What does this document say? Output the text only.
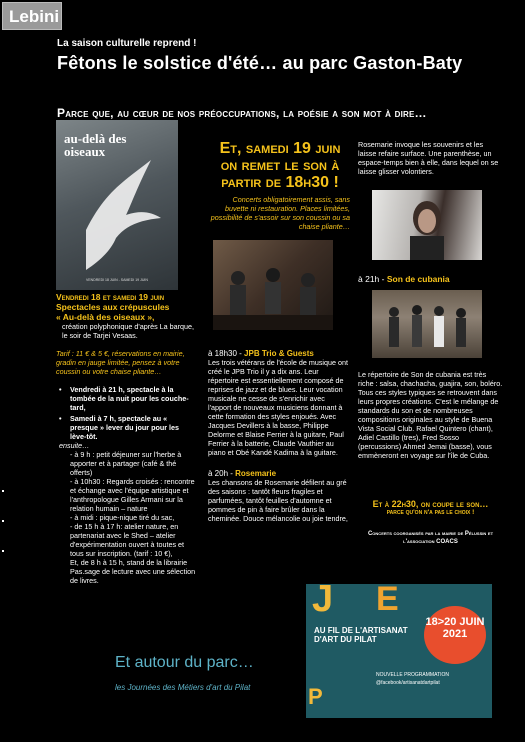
Lebini
La saison culturelle reprend !
Fêtons le solstice d'été… au parc Gaston-Baty
Parce que, au cœur de nos préoccupations, la poésie a son mot à dire…
au-delà des oiseaux
VENDREDI 18 JUIN - SAMEDI 19 JUIN
Vendredi 18 et samedi 19 juin
Spectacles aux crépuscules
« Au-delà des oiseaux »,

création polyphonique d'après La barque, le soir de Tarjei Vesaas.

Tarif : 11 € & 5 €, réservations en mairie, gradin en jauge limitée, pensez à votre coussin ou votre chaise pliante…

• Vendredi à 21 h, spectacle à la tombée de la nuit pour les couche-tard,
• Samedi à 7 h, spectacle au « presque » lever du jour pour les lève-tôt.

ensuite…

- à 9 h : petit déjeuner sur l'herbe à apporter et à partager (café & thé offerts)

- à 10h30 : Regards croisés : rencontre et échange avec l'équipe artistique et l'anthropologue Gilles Armani sur la relation humain – nature

- à midi : pique-nique tiré du sac,

- de 15 h à 17 h: atelier nature, en partenariat avec le Shed – atelier d'expérimentation ouvert à toutes et tous sur inscription. (tarif : 10 €),

Et, de 8 h à 15 h, stand de la librairie Pas.sage de lecture avec une sélection de livres.

Et, samedi 19 juin on remet le son à partir de 18h30 !
Concerts obligatoirement assis, sans buvette ni restauration. Places limitées, possibilité de s'assoir sur son coussin ou sa chaise pliante…
à 18h30 - JPB Trio & Guests

Les trois vétérans de l'école de musique ont créé le JPB Trio il y a dix ans. Leur répertoire est essentiellement composé de reprises de jazz et de blues. Leur vocation musicale ne cesse de s'enrichir avec l'apport de nouveaux musiciens donnant à cette formation des styles enjoués. Avec Jacques Devillers à la basse, Philippe Delorme et Blaise Ferrier à la guitare, Paul Ferrier à la batterie, Claude Vauthier au piano et Obé Kandé Kadima à la guitare.

à 20h - Rosemarie

Les chansons de Rosemarie défilent au gré des saisons : tantôt fleurs fragiles et parfumées, tantôt feuilles d'automne et pommes de pin à faire brûler dans la cheminée. Douce mélancolie ou joie tendre,

Rosemarie invoque les souvenirs et les laisse refaire surface. Une parenthèse, un espace-temps bien à elle, dans lequel on se laisse glisser volontiers.
à 21h - Son de cubania
Le répertoire de Son de cubania est très riche : salsa, chachacha, guajira, son, boléro. Tous ces styles typiques se retrouvent dans leurs propres créations. C'est le mélange de standards du son et de nombreuses compositions originales au style de Buena Vista Social Club. Rafael Quintero (chant), Adiel Castillo (tres), Fred Sosso (percussions) Ahmed Jemai (basse), vous emmèneront en voyage sur l'île de Cuba.
Et à 22h30, on coupe le son…
parce qu'on n'a pas le choix !
Concerts coorganisés par la mairie de Pélussin et l'association COACS
Et autour du parc…
les Journées des Métiers d'art du Pilat
J E
AU FIL DE L'ARTISANAT D'ART DU PILAT
18>20 JUIN 2021
NOUVELLE PROGRAMMATION
@facebook/artisanatdartpilat
P
